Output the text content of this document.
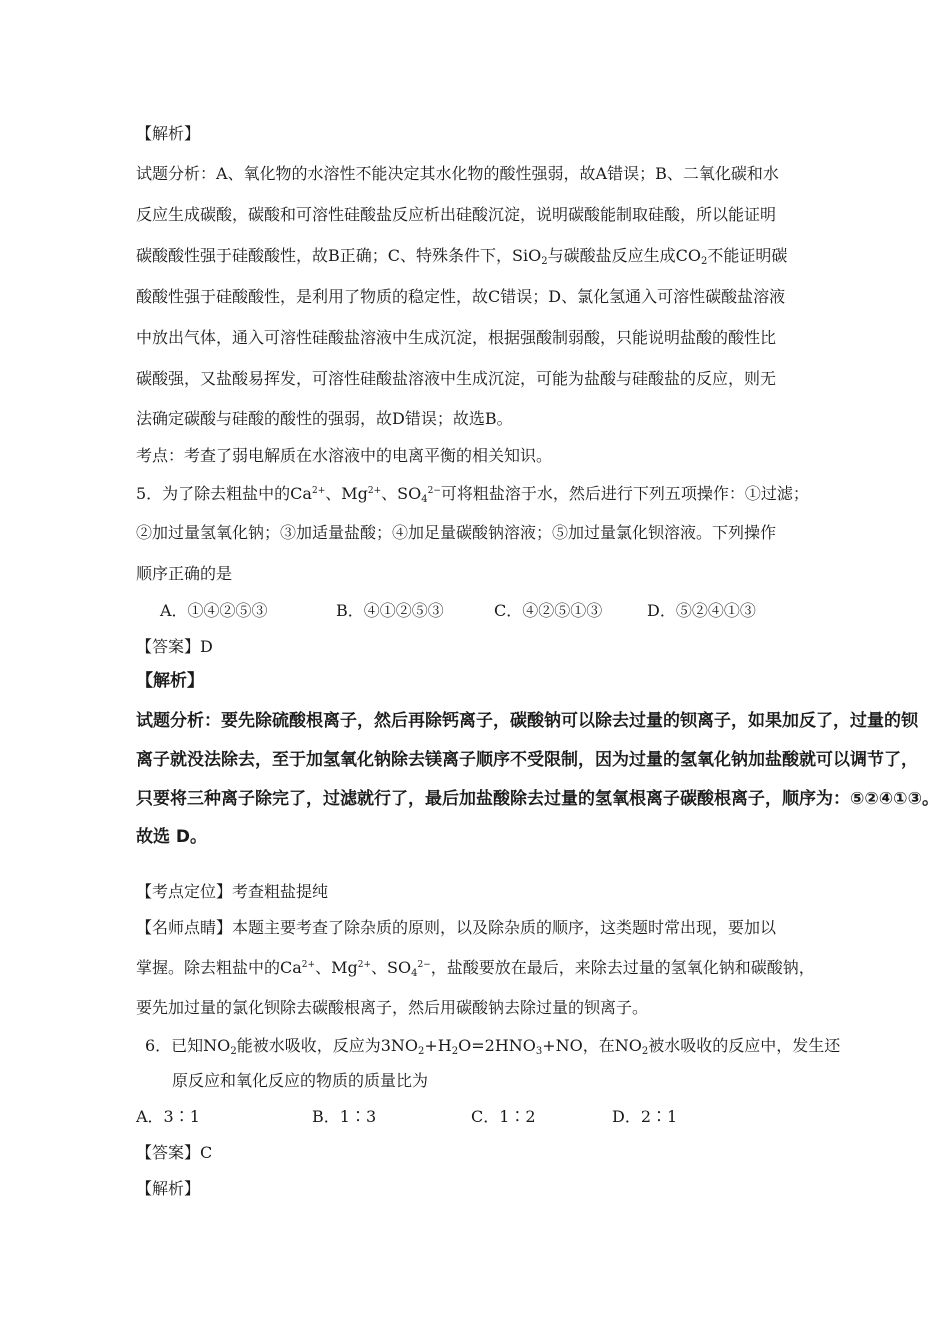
【解析】
试题分析：A、氧化物的水溶性不能决定其水化物的酸性强弱，故A错误；B、二氧化碳和水
反应生成碳酸，碳酸和可溶性硅酸盐反应析出硅酸沉淀，说明碳酸能制取硅酸，所以能证明
碳酸酸性强于硅酸酸性，故B正确；C、特殊条件下，SiO$_2$与碳酸盐反应生成$CO_2$不能证明碳
酸酸性强于硅酸酸性，是利用了物质的稳定性，故C错误；D、氯化氢通入可溶性碳酸盐溶液
中放出气体，通入可溶性硅酸盐溶液中生成沉淀，根据强酸制弱酸，只能说明盐酸的酸性比
碳酸强，又盐酸易挥发，可溶性硅酸盐溶液中生成沉淀，可能为盐酸与硅酸盐的反应，则无
法确定碳酸与硅酸的酸性的强弱，故D错误；故选B。
考点：考查了弱电解质在水溶液中的电离平衡的相关知识。
5．为了除去粗盐中的$Ca^{2+}$、$Mg^{2+}$、$SO_4^{2-}$可将粗盐溶于水，然后进行下列五项操作：①过滤；
②加过量氢氧化钠；③加适量盐酸；④加足量碳酸钠溶液；⑤加过量氯化钡溶液。下列操作
顺序正确的是
A．①④②⑤③	B．④①②⑤③	C．④②⑤①③	D．⑤②④①③
【答案】D
【解析】
试题分析：要先除硫酸根离子，然后再除钙离子，碳酸钠可以除去过量的钡离子，如果加反了，过量的钡
离子就没法除去，至于加氢氧化钠除去镁离子顺序不受限制，因为过量的氢氧化钠加盐酸就可以调节了，
只要将三种离子除完了，过滤就行了，最后加盐酸除去过量的氢氧根离子碳酸根离子，顺序为：⑤②④①③。
故选 D。
【考点定位】考查粗盐提纯
【名师点睛】本题主要考查了除杂质的原则，以及除杂质的顺序，这类题时常出现，要加以
掌握。除去粗盐中的$Ca^{2+}$、$Mg^{2+}$、$SO_4^{2-}$，盐酸要放在最后，来除去过量的氢氧化钠和碳酸钠，
要先加过量的氯化钡除去碳酸根离子，然后用碳酸钠去除过量的钡离子。
6．已知$NO_2$能被水吸收，反应为$3NO_2+H_2O=2HNO_3+NO$，在$NO_2$被水吸收的反应中，发生还
原反应和氧化反应的物质的质量比为
A．3∶1	B．1∶3	C．1∶2	D．2∶1
【答案】C
【解析】
